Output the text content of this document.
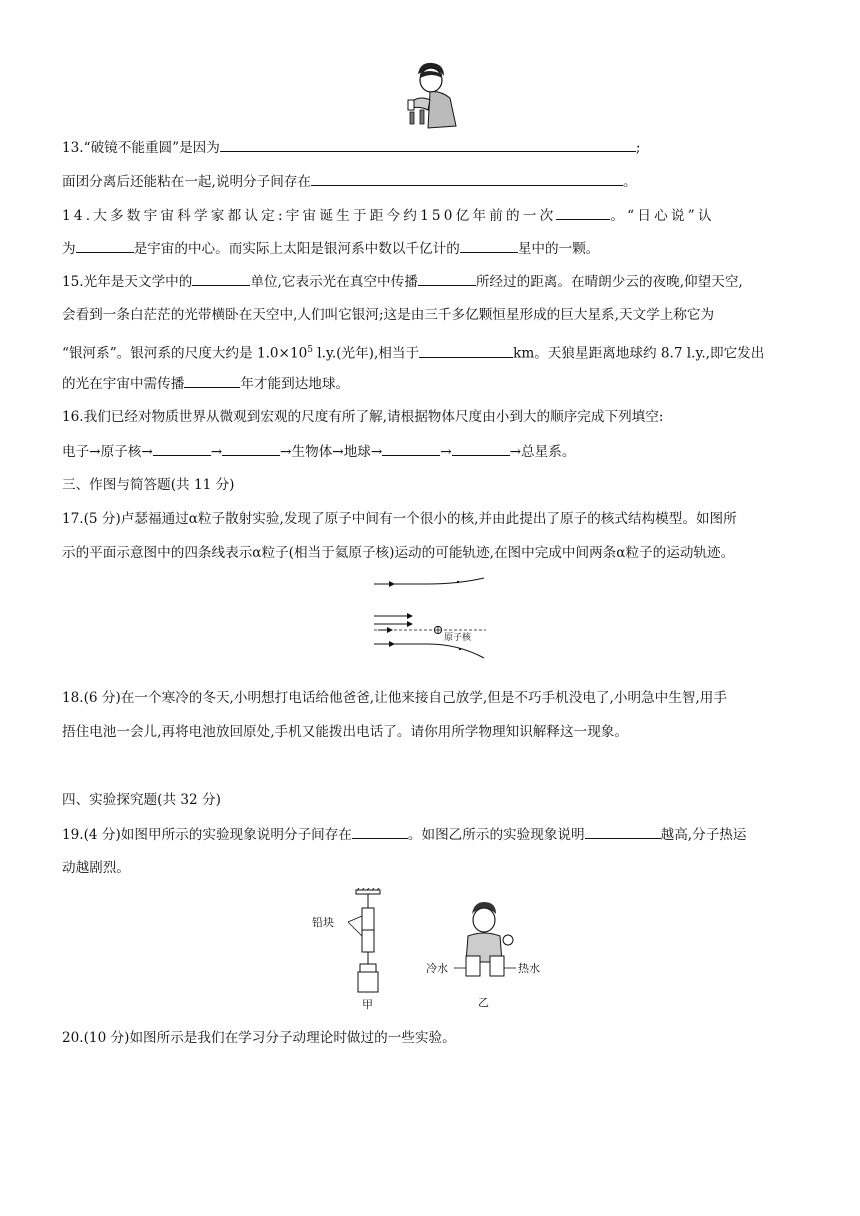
13.“破镜不能重圆”是因为	;
面团分离后还能粘在一起,说明分子间存在	。
14.大多数宇宙科学家都认定:宇宙诞生于距今约150亿年前的一次	。“日心说”认
为	是宇宙的中心。而实际上太阳是银河系中数以千亿计的	星中的一颗。
15.光年是天文学中的	单位,它表示光在真空中传播	所经过的距离。在晴朗少云的夜晚,仰望天空,
会看到一条白茫茫的光带横卧在天空中,人们叫它银河;这是由三千多亿颗恒星形成的巨大星系,天文学上称它为
“银河系”。银河系的尺度大约是 $1.0\times 10^5$ l.y.(光年),相当于	km。天狼星距离地球约 8.7 l.y.,即它发出
的光在宇宙中需传播	年才能到达地球。
16.我们已经对物质世界从微观到宏观的尺度有所了解,请根据物体尺度由小到大的顺序完成下列填空:
电子→原子核→	→	→生物体→地球→	→	→总星系。
三、作图与简答题(共 11 分)
17.(5 分)卢瑟福通过α粒子散射实验,发现了原子中间有一个很小的核,并由此提出了原子的核式结构模型。如图所
示的平面示意图中的四条线表示α粒子(相当于氦原子核)运动的可能轨迹,在图中完成中间两条α粒子的运动轨迹。
原子核
18.(6 分)在一个寒冷的冬天,小明想打电话给他爸爸,让他来接自己放学,但是不巧手机没电了,小明急中生智,用手
捂住电池一会儿,再将电池放回原处,手机又能拨出电话了。请你用所学物理知识解释这一现象。
四、实验探究题(共 32 分)
19.(4 分)如图甲所示的实验现象说明分子间存在	。如图乙所示的实验现象说明	越高,分子热运
动越剧烈。
铅块
甲
冷水	热水
乙
20.(10 分)如图所示是我们在学习分子动理论时做过的一些实验。
